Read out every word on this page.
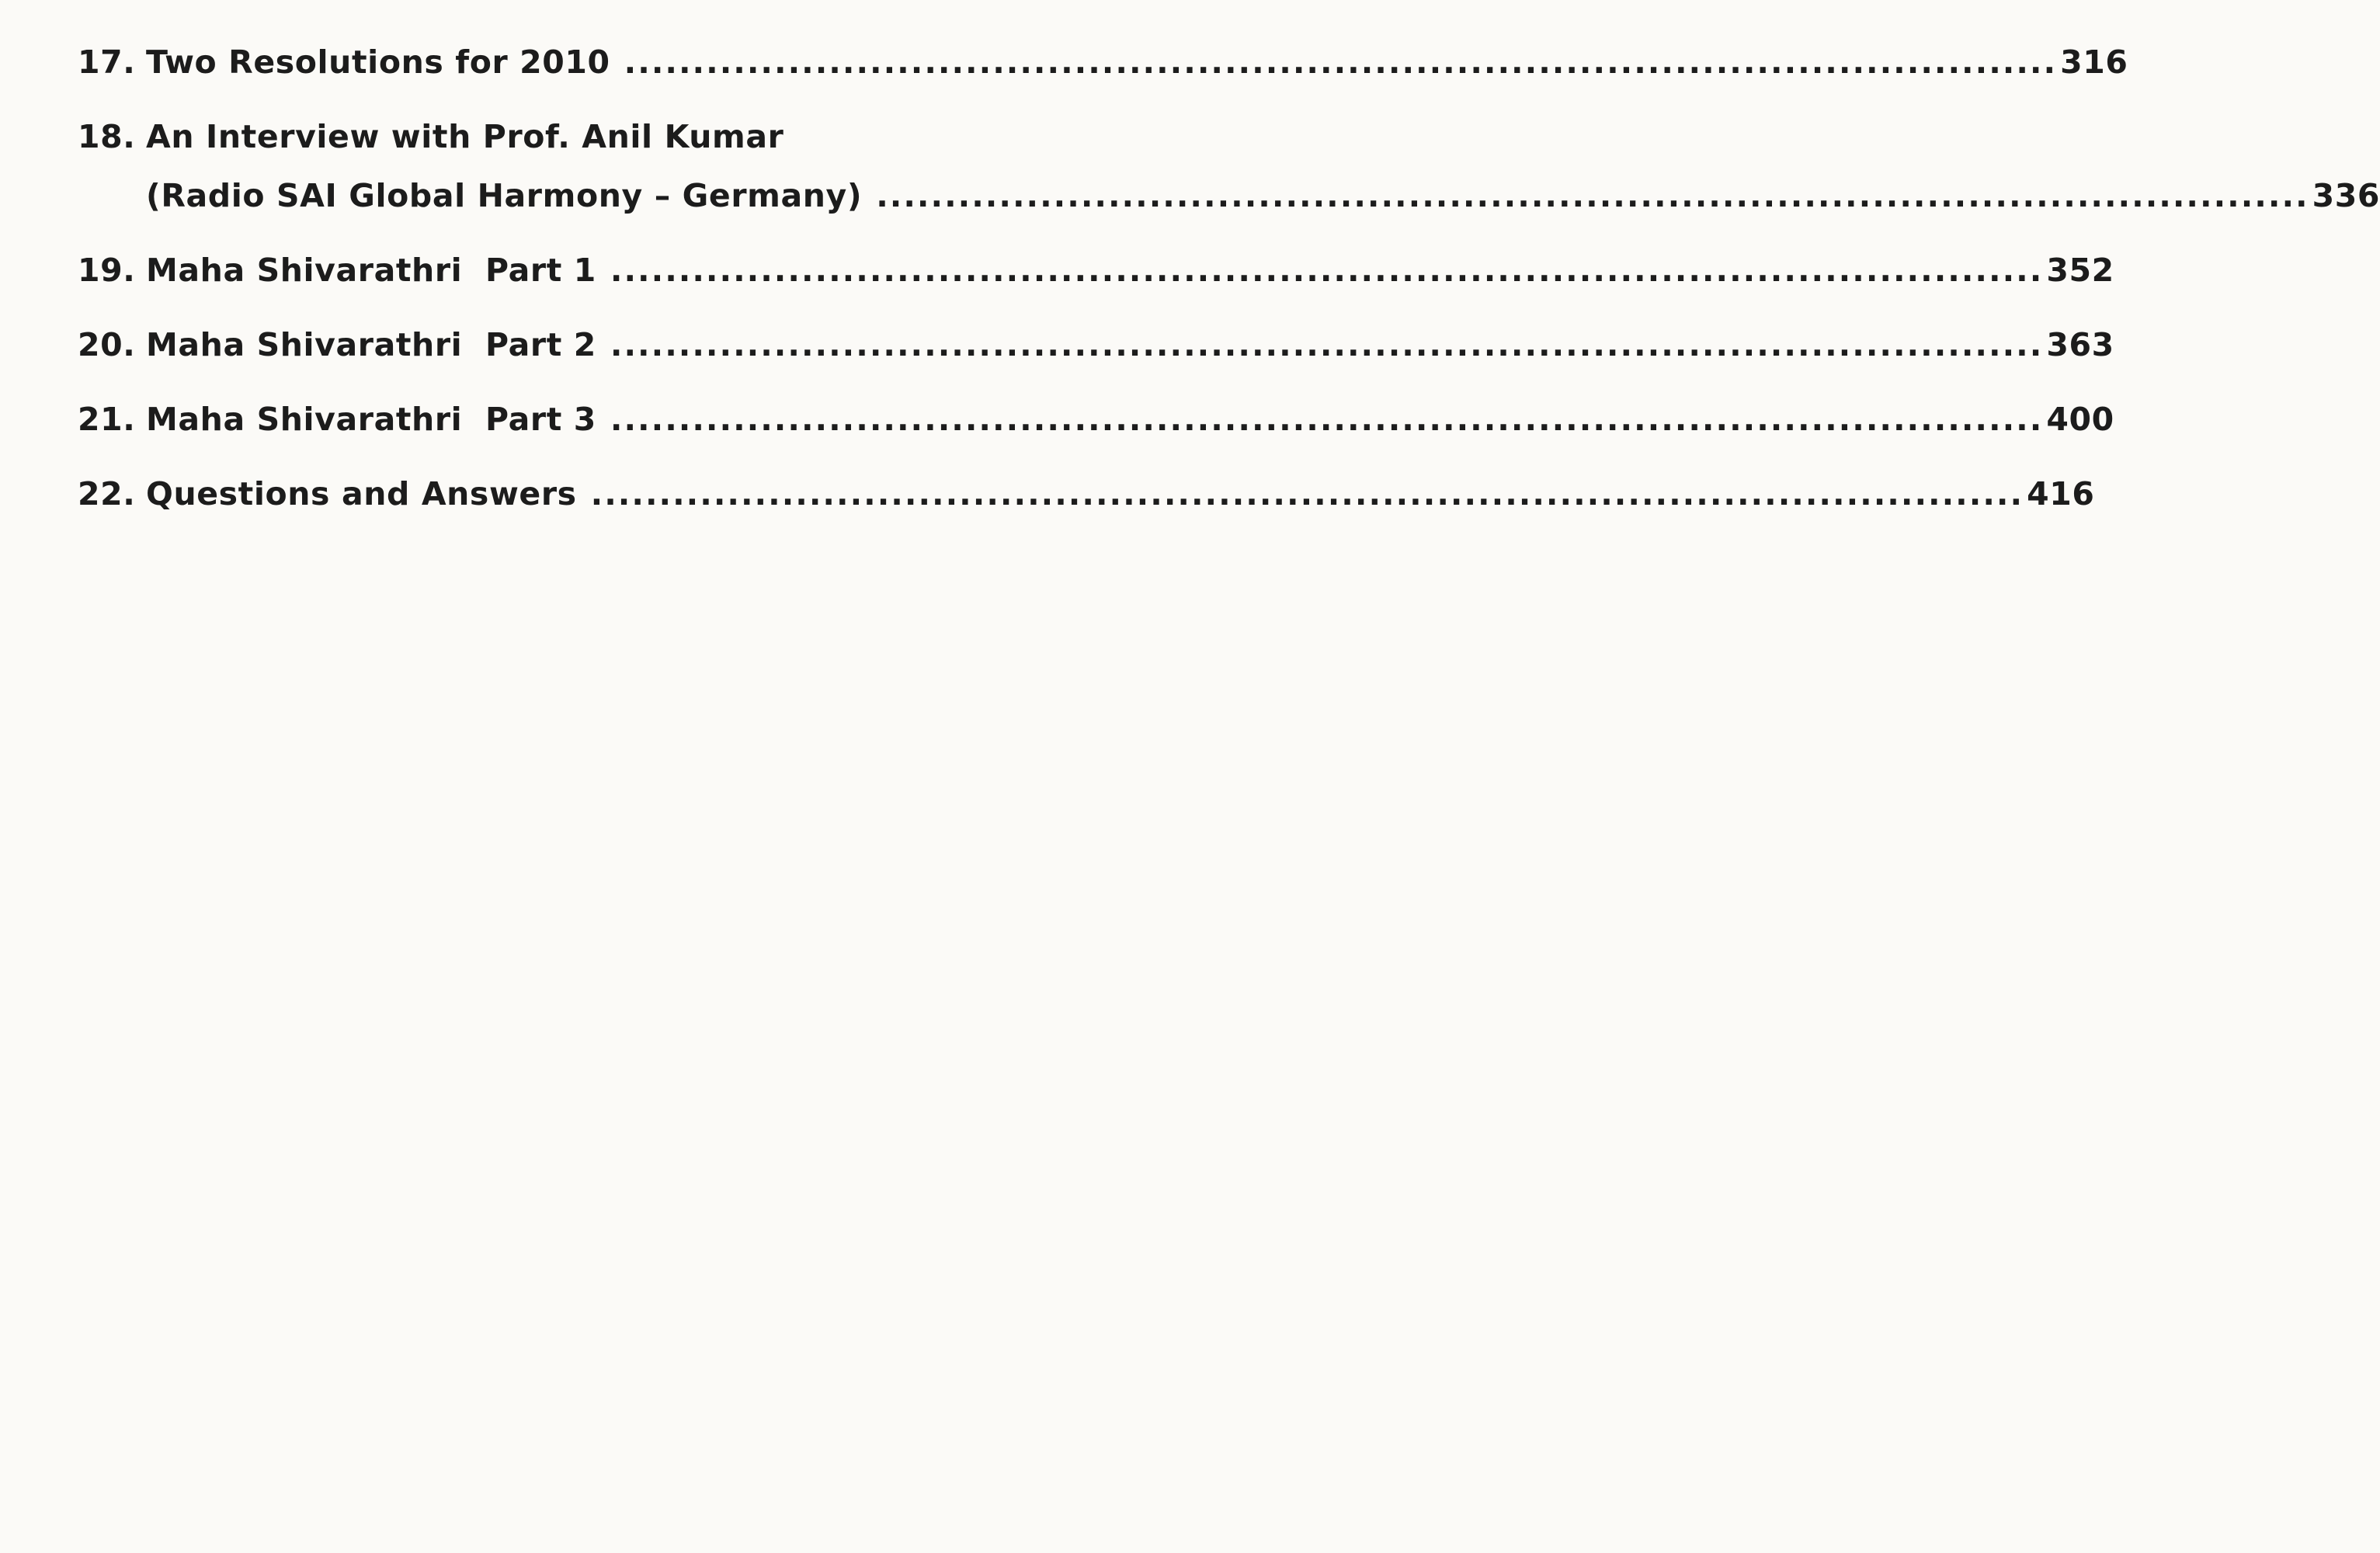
17. Two Resolutions for 2010 ......................................................................................................... 316
18. An Interview with Prof. Anil Kumar
(Radio SAI Global Harmony – Germany) ......................................................................................................... 336
19. Maha Shivarathri  Part 1 ......................................................................................................... 352
20. Maha Shivarathri  Part 2 ......................................................................................................... 363
21. Maha Shivarathri  Part 3 ......................................................................................................... 400
22. Questions and Answers ......................................................................................................... 416
